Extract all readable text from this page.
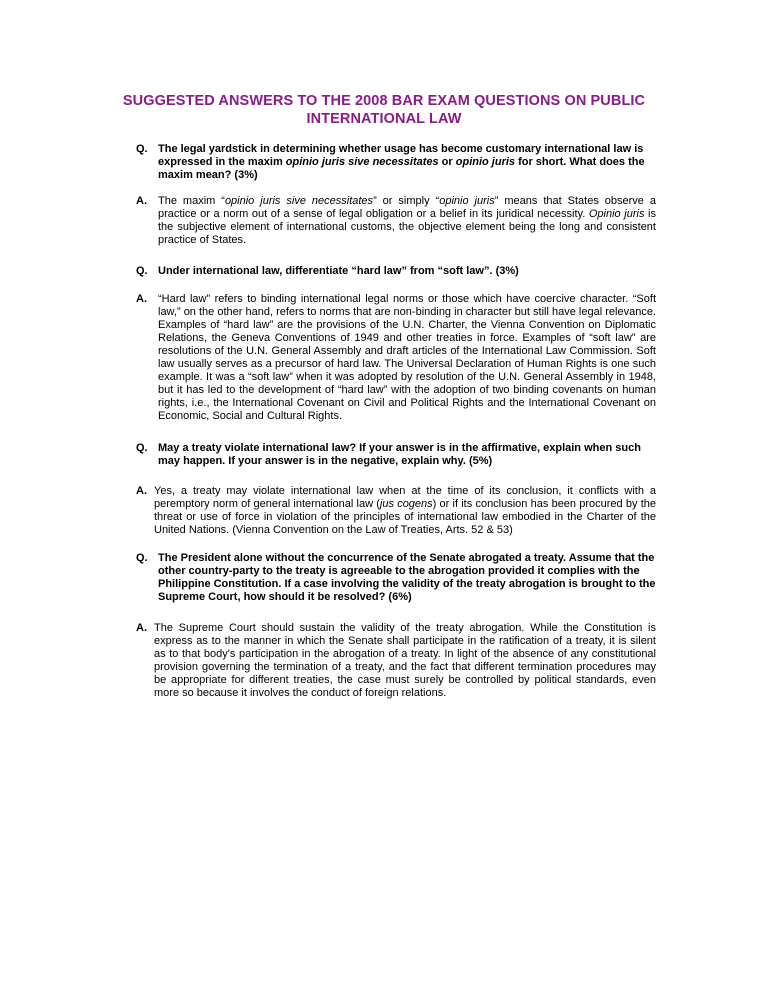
SUGGESTED ANSWERS TO THE 2008 BAR EXAM QUESTIONS ON PUBLIC
INTERNATIONAL LAW
Q. The legal yardstick in determining whether usage has become customary international law is expressed in the maxim opinio juris sive necessitates or opinio juris for short. What does the maxim mean? (3%)
A. The maxim “opinio juris sive necessitates” or simply “opinio juris” means that States observe a practice or a norm out of a sense of legal obligation or a belief in its juridical necessity. Opinio juris is the subjective element of international customs, the objective element being the long and consistent practice of States.
Q. Under international law, differentiate “hard law” from “soft law”. (3%)
A. “Hard law” refers to binding international legal norms or those which have coercive character. “Soft law,” on the other hand, refers to norms that are non-binding in character but still have legal relevance. Examples of “hard law” are the provisions of the U.N. Charter, the Vienna Convention on Diplomatic Relations, the Geneva Conventions of 1949 and other treaties in force. Examples of “soft law” are resolutions of the U.N. General Assembly and draft articles of the International Law Commission. Soft law usually serves as a precursor of hard law. The Universal Declaration of Human Rights is one such example. It was a “soft law” when it was adopted by resolution of the U.N. General Assembly in 1948, but it has led to the development of “hard law” with the adoption of two binding covenants on human rights, i.e., the International Covenant on Civil and Political Rights and the International Covenant on Economic, Social and Cultural Rights.
Q. May a treaty violate international law? If your answer is in the affirmative, explain when such may happen. If your answer is in the negative, explain why. (5%)
A. Yes, a treaty may violate international law when at the time of its conclusion, it conflicts with a peremptory norm of general international law (jus cogens) or if its conclusion has been procured by the threat or use of force in violation of the principles of international law embodied in the Charter of the United Nations. (Vienna Convention on the Law of Treaties, Arts. 52 & 53)
Q. The President alone without the concurrence of the Senate abrogated a treaty. Assume that the other country-party to the treaty is agreeable to the abrogation provided it complies with the Philippine Constitution. If a case involving the validity of the treaty abrogation is brought to the Supreme Court, how should it be resolved? (6%)
A. The Supreme Court should sustain the validity of the treaty abrogation. While the Constitution is express as to the manner in which the Senate shall participate in the ratification of a treaty, it is silent as to that body's participation in the abrogation of a treaty. In light of the absence of any constitutional provision governing the termination of a treaty, and the fact that different termination procedures may be appropriate for different treaties, the case must surely be controlled by political standards, even more so because it involves the conduct of foreign relations.
